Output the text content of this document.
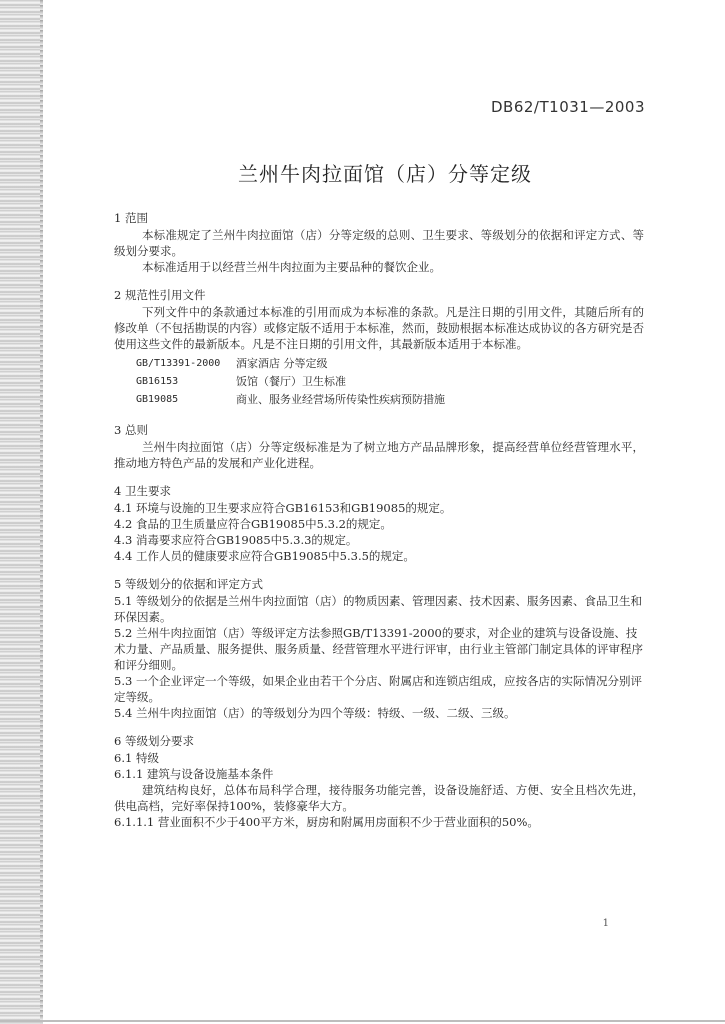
DB62/T1031—2003
兰州牛肉拉面馆（店）分等定级
1 范围
本标准规定了兰州牛肉拉面馆（店）分等定级的总则、卫生要求、等级划分的依据和评定方式、等级划分要求。
本标准适用于以经营兰州牛肉拉面为主要品种的餐饮企业。
2 规范性引用文件
下列文件中的条款通过本标准的引用而成为本标准的条款。凡是注日期的引用文件，其随后所有的修改单（不包括勘误的内容）或修定版不适用于本标准，然而，鼓励根据本标准达成协议的各方研究是否使用这些文件的最新版本。凡是不注日期的引用文件，其最新版本适用于本标准。
GB/T13391-2000	酒家酒店 分等定级
GB16153	饭馆（餐厅）卫生标准
GB19085	商业、服务业经营场所传染性疾病预防措施
3 总则
兰州牛肉拉面馆（店）分等定级标准是为了树立地方产品品牌形象，提高经营单位经营管理水平，推动地方特色产品的发展和产业化进程。
4 卫生要求
4.1 环境与设施的卫生要求应符合GB16153和GB19085的规定。
4.2 食品的卫生质量应符合GB19085中5.3.2的规定。
4.3 消毒要求应符合GB19085中5.3.3的规定。
4.4 工作人员的健康要求应符合GB19085中5.3.5的规定。
5 等级划分的依据和评定方式
5.1 等级划分的依据是兰州牛肉拉面馆（店）的物质因素、管理因素、技术因素、服务因素、食品卫生和环保因素。
5.2 兰州牛肉拉面馆（店）等级评定方法参照GB/T13391-2000的要求，对企业的建筑与设备设施、技术力量、产品质量、服务提供、服务质量、经营管理水平进行评审，由行业主管部门制定具体的评审程序和评分细则。
5.3 一个企业评定一个等级，如果企业由若干个分店、附属店和连锁店组成，应按各店的实际情况分别评定等级。
5.4 兰州牛肉拉面馆（店）的等级划分为四个等级：特级、一级、二级、三级。
6 等级划分要求
6.1 特级
6.1.1 建筑与设备设施基本条件
建筑结构良好，总体布局科学合理，接待服务功能完善，设备设施舒适、方便、安全且档次先进，供电高档，完好率保持100%，装修豪华大方。
6.1.1.1 营业面积不少于400平方米，厨房和附属用房面积不少于营业面积的50%。
1
